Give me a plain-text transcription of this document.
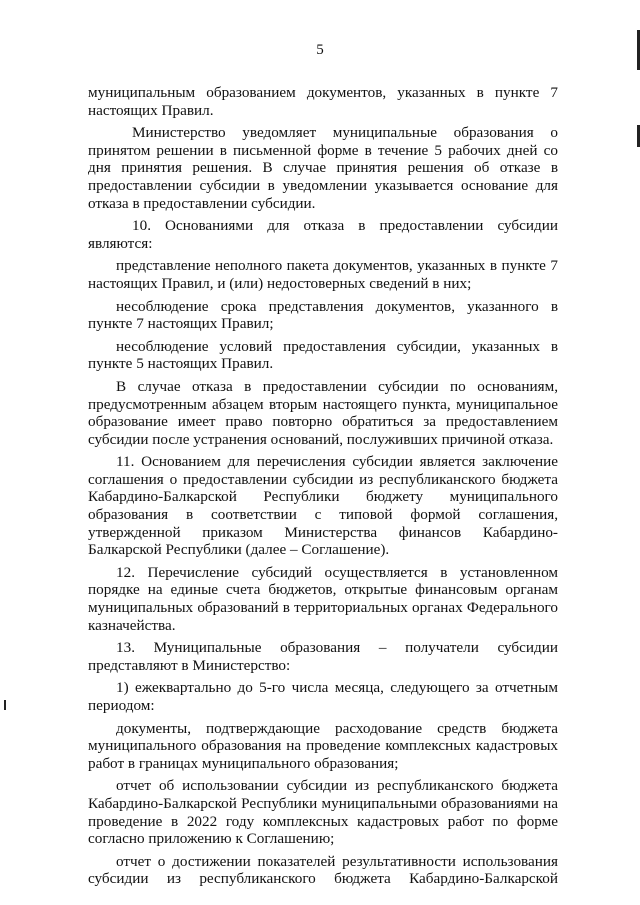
5

муниципальным образованием документов, указанных в пункте 7 настоящих Правил.

Министерство уведомляет муниципальные образования о принятом решении в письменной форме в течение 5 рабочих дней со дня принятия решения. В случае принятия решения об отказе в предоставлении субсидии в уведомлении указывается основание для отказа в предоставлении субсидии.

10. Основаниями для отказа в предоставлении субсидии являются:

представление неполного пакета документов, указанных в пункте 7 настоящих Правил, и (или) недостоверных сведений в них;

несоблюдение срока представления документов, указанного в пункте 7 настоящих Правил;

несоблюдение условий предоставления субсидии, указанных в пункте 5 настоящих Правил.

В случае отказа в предоставлении субсидии по основаниям, предусмотренным абзацем вторым настоящего пункта, муниципальное образование имеет право повторно обратиться за предоставлением субсидии после устранения оснований, послуживших причиной отказа.

11. Основанием для перечисления субсидии является заключение соглашения о предоставлении субсидии из республиканского бюджета Кабардино-Балкарской Республики бюджету муниципального образования в соответствии с типовой формой соглашения, утвержденной приказом Министерства финансов Кабардино-Балкарской Республики (далее – Соглашение).

12. Перечисление субсидий осуществляется в установленном порядке на единые счета бюджетов, открытые финансовым органам муниципальных образований в территориальных органах Федерального казначейства.

13. Муниципальные образования – получатели субсидии представляют в Министерство:

1) ежеквартально до 5-го числа месяца, следующего за отчетным периодом:

документы, подтверждающие расходование средств бюджета муниципального образования на проведение комплексных кадастровых работ в границах муниципального образования;

отчет об использовании субсидии из республиканского бюджета Кабардино-Балкарской Республики муниципальными образованиями на проведение в 2022 году комплексных кадастровых работ по форме согласно приложению к Соглашению;

отчет о достижении показателей результативности использования субсидии из республиканского бюджета Кабардино-Балкарской
